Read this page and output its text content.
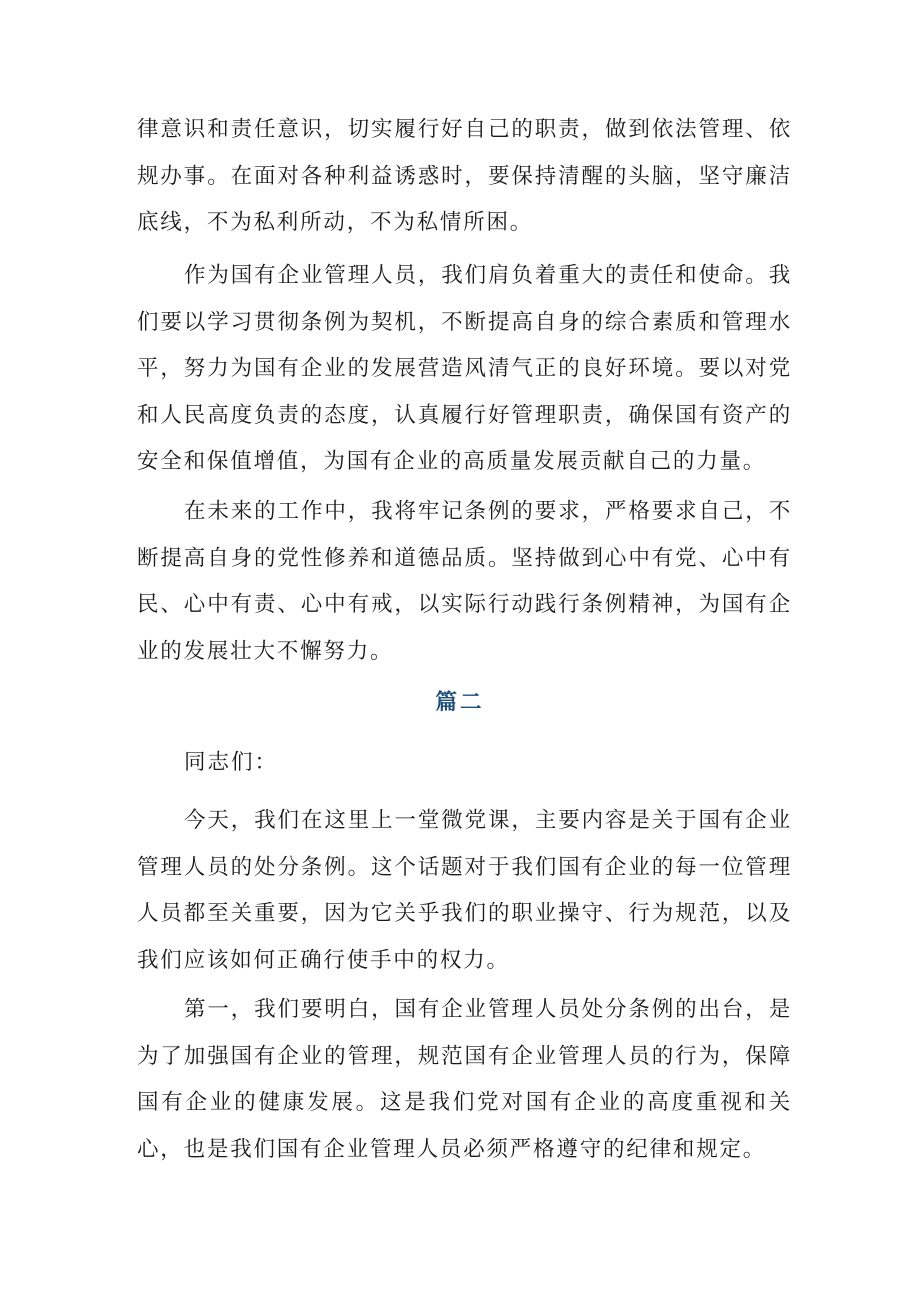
律意识和责任意识，切实履行好自己的职责，做到依法管理、依规办事。在面对各种利益诱惑时，要保持清醒的头脑，坚守廉洁底线，不为私利所动，不为私情所困。

作为国有企业管理人员，我们肩负着重大的责任和使命。我们要以学习贯彻条例为契机，不断提高自身的综合素质和管理水平，努力为国有企业的发展营造风清气正的良好环境。要以对党和人民高度负责的态度，认真履行好管理职责，确保国有资产的安全和保值增值，为国有企业的高质量发展贡献自己的力量。

在未来的工作中，我将牢记条例的要求，严格要求自己，不断提高自身的党性修养和道德品质。坚持做到心中有党、心中有民、心中有责、心中有戒，以实际行动践行条例精神，为国有企业的发展壮大不懈努力。

篇二

同志们：

今天，我们在这里上一堂微党课，主要内容是关于国有企业管理人员的处分条例。这个话题对于我们国有企业的每一位管理人员都至关重要，因为它关乎我们的职业操守、行为规范，以及我们应该如何正确行使手中的权力。

第一，我们要明白，国有企业管理人员处分条例的出台，是为了加强国有企业的管理，规范国有企业管理人员的行为，保障国有企业的健康发展。这是我们党对国有企业的高度重视和关心，也是我们国有企业管理人员必须严格遵守的纪律和规定。
